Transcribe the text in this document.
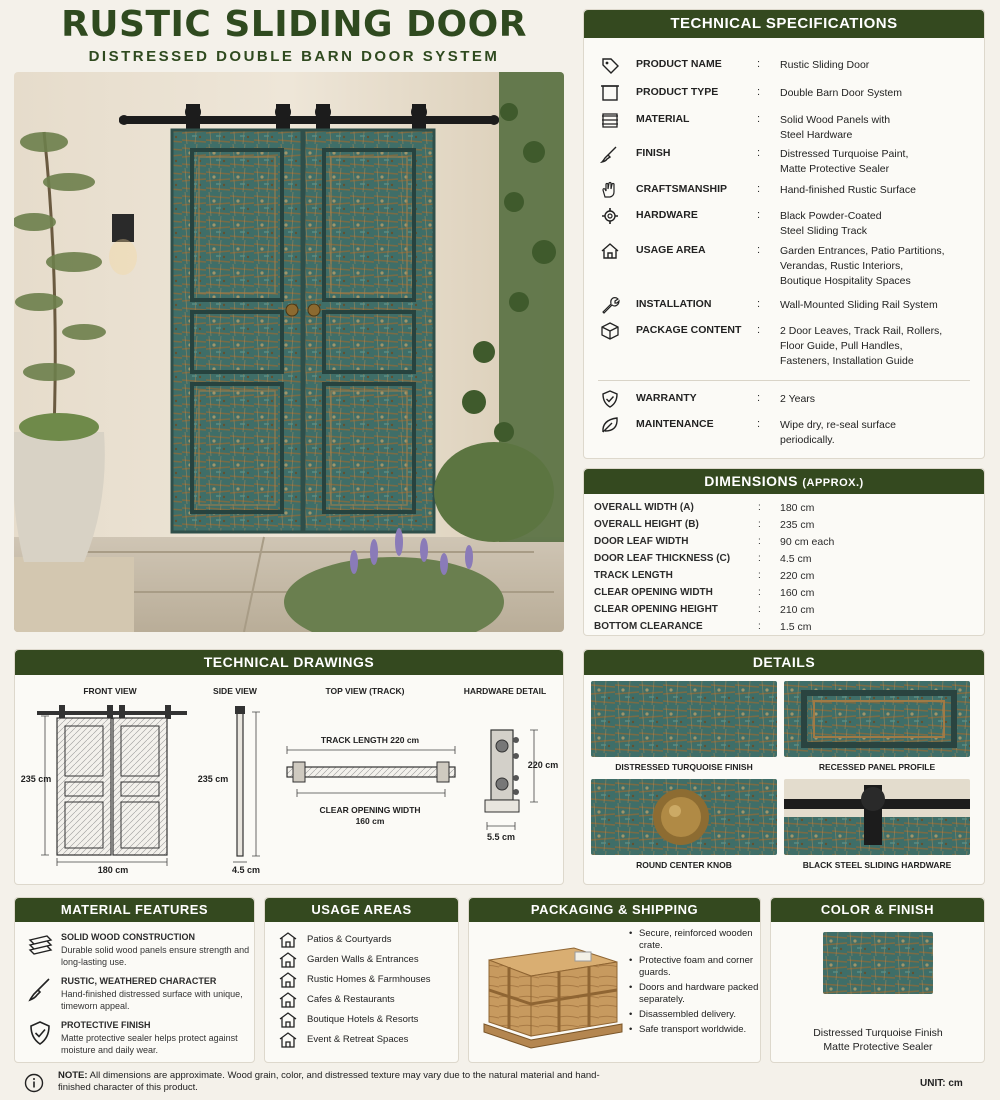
RUSTIC SLIDING DOOR
DISTRESSED DOUBLE BARN DOOR SYSTEM
TECHNICAL SPECIFICATIONS
PRODUCT NAME	: Rustic Sliding Door
PRODUCT TYPE	: Double Barn Door System
MATERIAL	: Solid Wood Panels with
Steel Hardware
FINISH	: Distressed Turquoise Paint,
Matte Protective Sealer
CRAFTSMANSHIP	: Hand-finished Rustic Surface
HARDWARE	: Black Powder-Coated
Steel Sliding Track
USAGE AREA	: Garden Entrances, Patio Partitions,
Verandas, Rustic Interiors,
Boutique Hospitality Spaces
INSTALLATION	: Wall-Mounted Sliding Rail System
PACKAGE CONTENT	: 2 Door Leaves, Track Rail, Rollers,
Floor Guide, Pull Handles,
Fasteners, Installation Guide
WARRANTY	: 2 Years
MAINTENANCE	: Wipe dry, re-seal surface
periodically.
DIMENSIONS (APPROX.)
OVERALL WIDTH (A)	: 180 cm
OVERALL HEIGHT (B)	: 235 cm
DOOR LEAF WIDTH	: 90 cm each
DOOR LEAF THICKNESS (C)	: 4.5 cm
TRACK LENGTH	: 220 cm
CLEAR OPENING WIDTH	: 160 cm
CLEAR OPENING HEIGHT	: 210 cm
BOTTOM CLEARANCE	: 1.5 cm
TECHNICAL DRAWINGS
FRONT VIEW	SIDE VIEW	TOP VIEW (TRACK)	HARDWARE DETAIL
235 cm
180 cm
235 cm
4.5 cm
TRACK LENGTH 220 cm
CLEAR OPENING WIDTH
160 cm
220 cm
5.5 cm
DETAILS
DISTRESSED TURQUOISE FINISH	RECESSED PANEL PROFILE
ROUND CENTER KNOB	BLACK STEEL SLIDING HARDWARE
MATERIAL FEATURES
SOLID WOOD CONSTRUCTION
Durable solid wood panels ensure strength and long-lasting use.
RUSTIC, WEATHERED CHARACTER
Hand-finished distressed surface with unique, timeworn appeal.
PROTECTIVE FINISH
Matte protective sealer helps protect against moisture and daily wear.
USAGE AREAS
Patios & Courtyards
Garden Walls & Entrances
Rustic Homes & Farmhouses
Cafes & Restaurants
Boutique Hotels & Resorts
Event & Retreat Spaces
PACKAGING & SHIPPING
• Secure, reinforced wooden crate.
• Protective foam and corner guards.
• Doors and hardware packed separately.
• Disassembled delivery.
• Safe transport worldwide.
COLOR & FINISH
Distressed Turquoise Finish
Matte Protective Sealer
NOTE: All dimensions are approximate. Wood grain, color, and distressed texture may vary due to the natural material and hand-finished character of this product.	UNIT: cm
